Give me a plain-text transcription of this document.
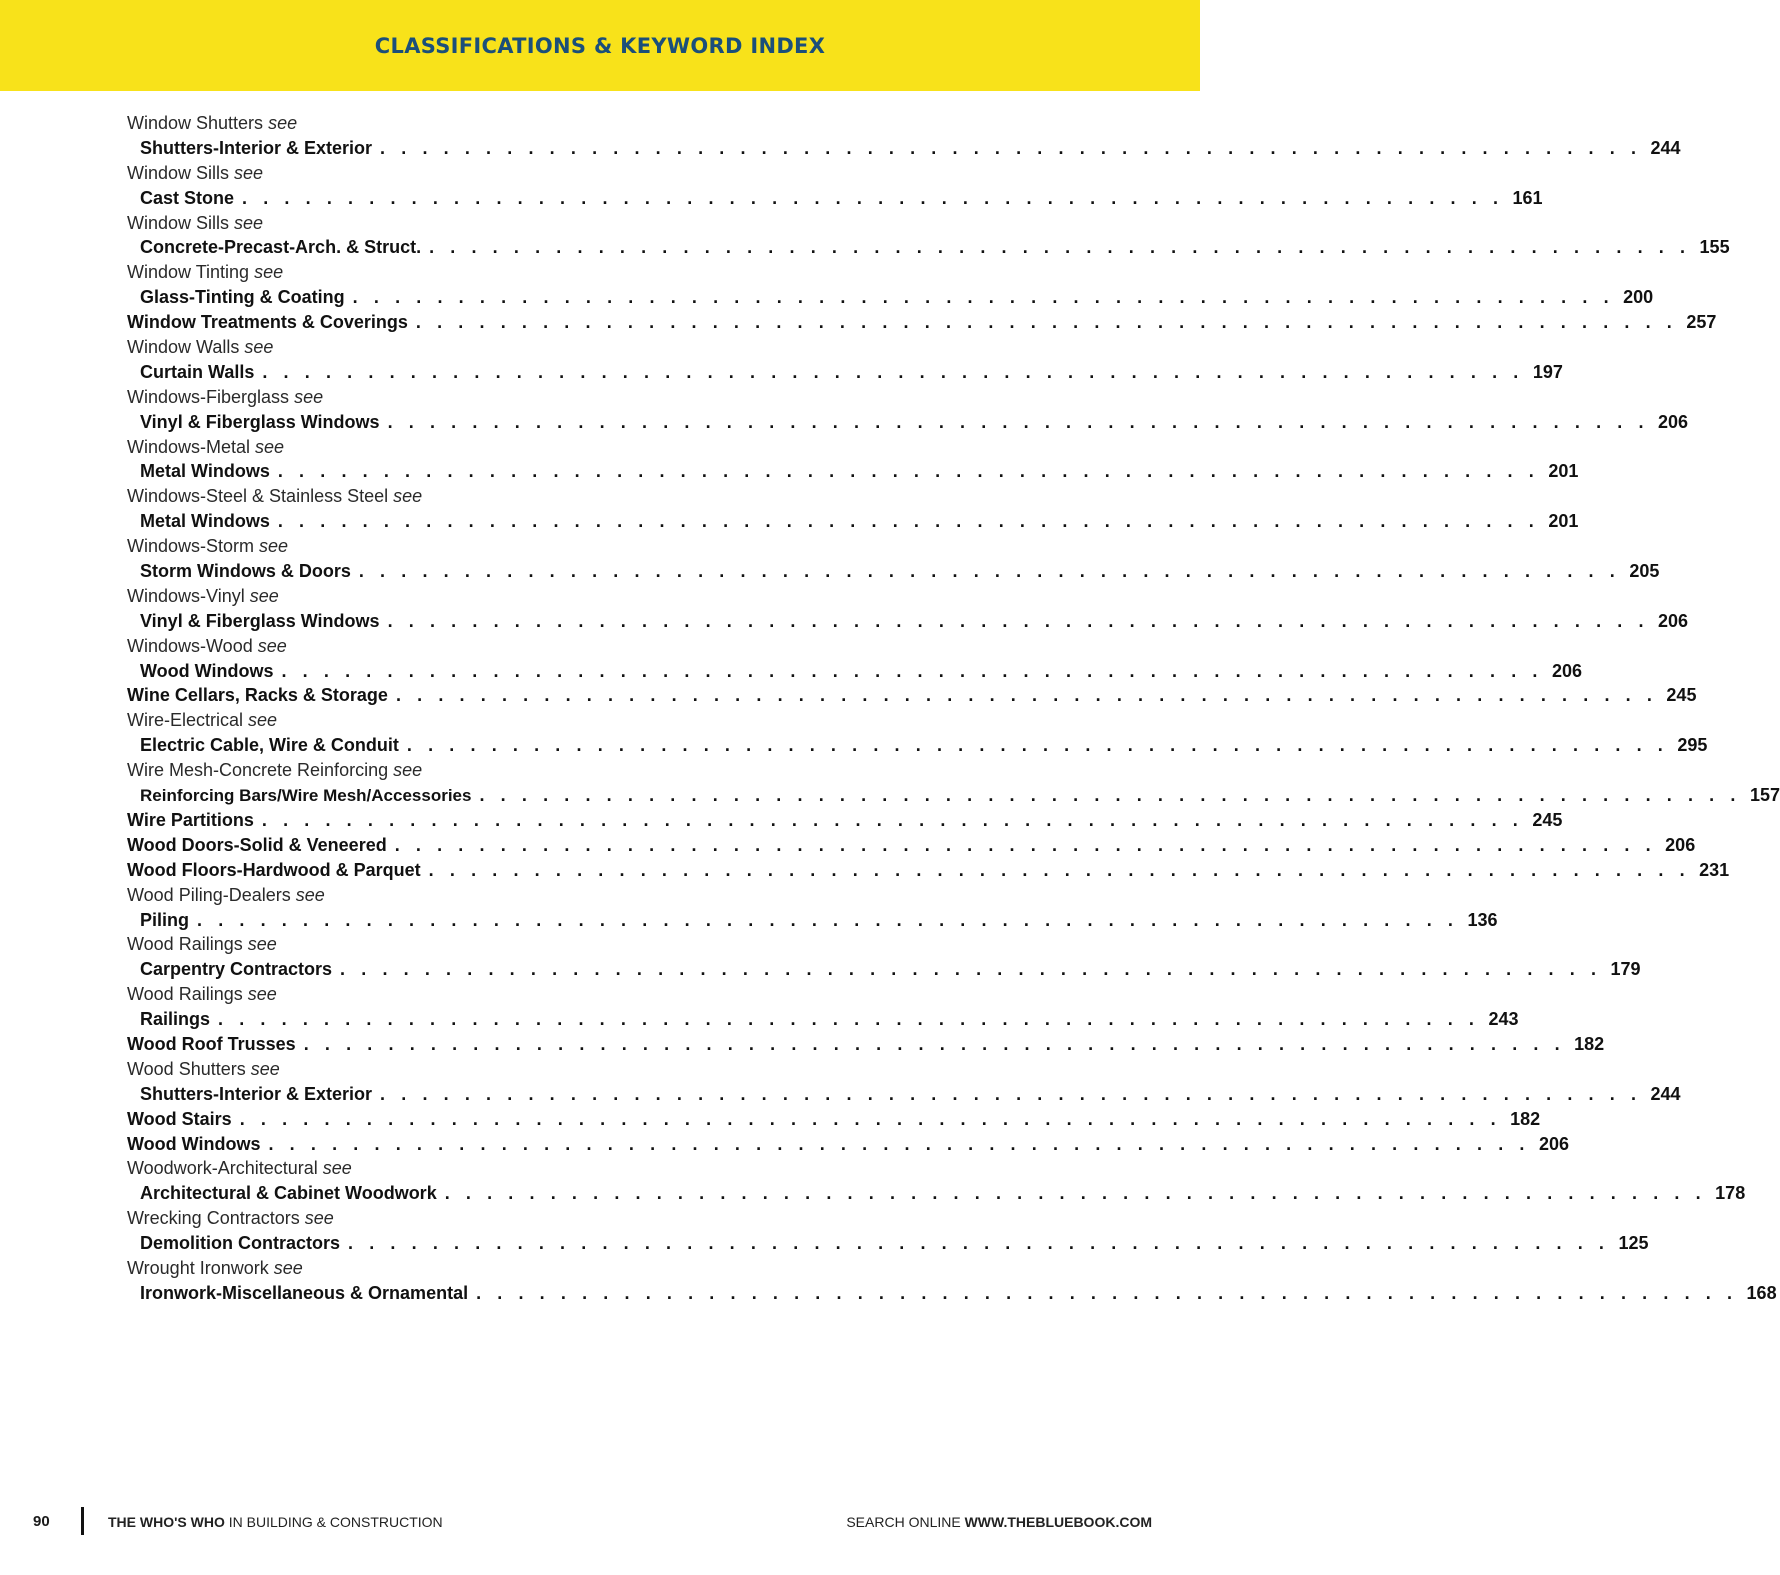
CLASSIFICATIONS & KEYWORD INDEX
Window Shutters see
Shutters-Interior & Exterior . . . . . . . . . . . . . . . . . . . . . . . . . . . . . . . . . . . . . . . . . . . . . . . . . . . . . . . . . . . . 244
Window Sills see
Cast Stone . . . . . . . . . . . . . . . . . . . . . . . . . . . . . . . . . . . . . . . . . . . . . . . . . . . . . . . . . . . . 161
Window Sills see
Concrete-Precast-Arch. & Struct. . . . . . . . . . . . . . . . . . . . . . . . . . . . . . . . . . . . . . . . . . . . . . . . . . . . . . . . . . . . . 155
Window Tinting see
Glass-Tinting & Coating . . . . . . . . . . . . . . . . . . . . . . . . . . . . . . . . . . . . . . . . . . . . . . . . . . . . . . . . . . . . 200
Window Treatments & Coverings . . . . . . . . . . . . . . . . . . . . . . . . . . . . . . . . . . . . . . . . . . . . . . . . . . . . . . . . . . . . 257
Window Walls see
Curtain Walls . . . . . . . . . . . . . . . . . . . . . . . . . . . . . . . . . . . . . . . . . . . . . . . . . . . . . . . . . . . . 197
Windows-Fiberglass see
Vinyl & Fiberglass Windows . . . . . . . . . . . . . . . . . . . . . . . . . . . . . . . . . . . . . . . . . . . . . . . . . . . . . . . . . . . . 206
Windows-Metal see
Metal Windows . . . . . . . . . . . . . . . . . . . . . . . . . . . . . . . . . . . . . . . . . . . . . . . . . . . . . . . . . . . . 201
Windows-Steel & Stainless Steel see
Metal Windows . . . . . . . . . . . . . . . . . . . . . . . . . . . . . . . . . . . . . . . . . . . . . . . . . . . . . . . . . . . . 201
Windows-Storm see
Storm Windows & Doors . . . . . . . . . . . . . . . . . . . . . . . . . . . . . . . . . . . . . . . . . . . . . . . . . . . . . . . . . . . . 205
Windows-Vinyl see
Vinyl & Fiberglass Windows . . . . . . . . . . . . . . . . . . . . . . . . . . . . . . . . . . . . . . . . . . . . . . . . . . . . . . . . . . . . 206
Windows-Wood see
Wood Windows . . . . . . . . . . . . . . . . . . . . . . . . . . . . . . . . . . . . . . . . . . . . . . . . . . . . . . . . . . . . 206
Wine Cellars, Racks & Storage . . . . . . . . . . . . . . . . . . . . . . . . . . . . . . . . . . . . . . . . . . . . . . . . . . . . . . . . . . . . 245
Wire-Electrical see
Electric Cable, Wire & Conduit . . . . . . . . . . . . . . . . . . . . . . . . . . . . . . . . . . . . . . . . . . . . . . . . . . . . . . . . . . . . 295
Wire Mesh-Concrete Reinforcing see
Reinforcing Bars/Wire Mesh/Accessories . . . . . . . . . . . . . . . . . . . . . . . . . . . . . . . . . . . . . . . . . . . . . . . . . . . . . . . . . . . . 157
Wire Partitions . . . . . . . . . . . . . . . . . . . . . . . . . . . . . . . . . . . . . . . . . . . . . . . . . . . . . . . . . . . . 245
Wood Doors-Solid & Veneered . . . . . . . . . . . . . . . . . . . . . . . . . . . . . . . . . . . . . . . . . . . . . . . . . . . . . . . . . . . . 206
Wood Floors-Hardwood & Parquet . . . . . . . . . . . . . . . . . . . . . . . . . . . . . . . . . . . . . . . . . . . . . . . . . . . . . . . . . . . . 231
Wood Piling-Dealers see
Piling . . . . . . . . . . . . . . . . . . . . . . . . . . . . . . . . . . . . . . . . . . . . . . . . . . . . . . . . . . . . 136
Wood Railings see
Carpentry Contractors . . . . . . . . . . . . . . . . . . . . . . . . . . . . . . . . . . . . . . . . . . . . . . . . . . . . . . . . . . . . 179
Wood Railings see
Railings . . . . . . . . . . . . . . . . . . . . . . . . . . . . . . . . . . . . . . . . . . . . . . . . . . . . . . . . . . . . 243
Wood Roof Trusses . . . . . . . . . . . . . . . . . . . . . . . . . . . . . . . . . . . . . . . . . . . . . . . . . . . . . . . . . . . . 182
Wood Shutters see
Shutters-Interior & Exterior . . . . . . . . . . . . . . . . . . . . . . . . . . . . . . . . . . . . . . . . . . . . . . . . . . . . . . . . . . . . 244
Wood Stairs . . . . . . . . . . . . . . . . . . . . . . . . . . . . . . . . . . . . . . . . . . . . . . . . . . . . . . . . . . . . 182
Wood Windows . . . . . . . . . . . . . . . . . . . . . . . . . . . . . . . . . . . . . . . . . . . . . . . . . . . . . . . . . . . . 206
Woodwork-Architectural see
Architectural & Cabinet Woodwork . . . . . . . . . . . . . . . . . . . . . . . . . . . . . . . . . . . . . . . . . . . . . . . . . . . . . . . . . . . . 178
Wrecking Contractors see
Demolition Contractors . . . . . . . . . . . . . . . . . . . . . . . . . . . . . . . . . . . . . . . . . . . . . . . . . . . . . . . . . . . . 125
Wrought Ironwork see
Ironwork-Miscellaneous & Ornamental . . . . . . . . . . . . . . . . . . . . . . . . . . . . . . . . . . . . . . . . . . . . . . . . . . . . . . . . . . . . 168
90	THE WHO'S WHO IN BUILDING & CONSTRUCTION	SEARCH ONLINE WWW.THEBLUEBOOK.COM
